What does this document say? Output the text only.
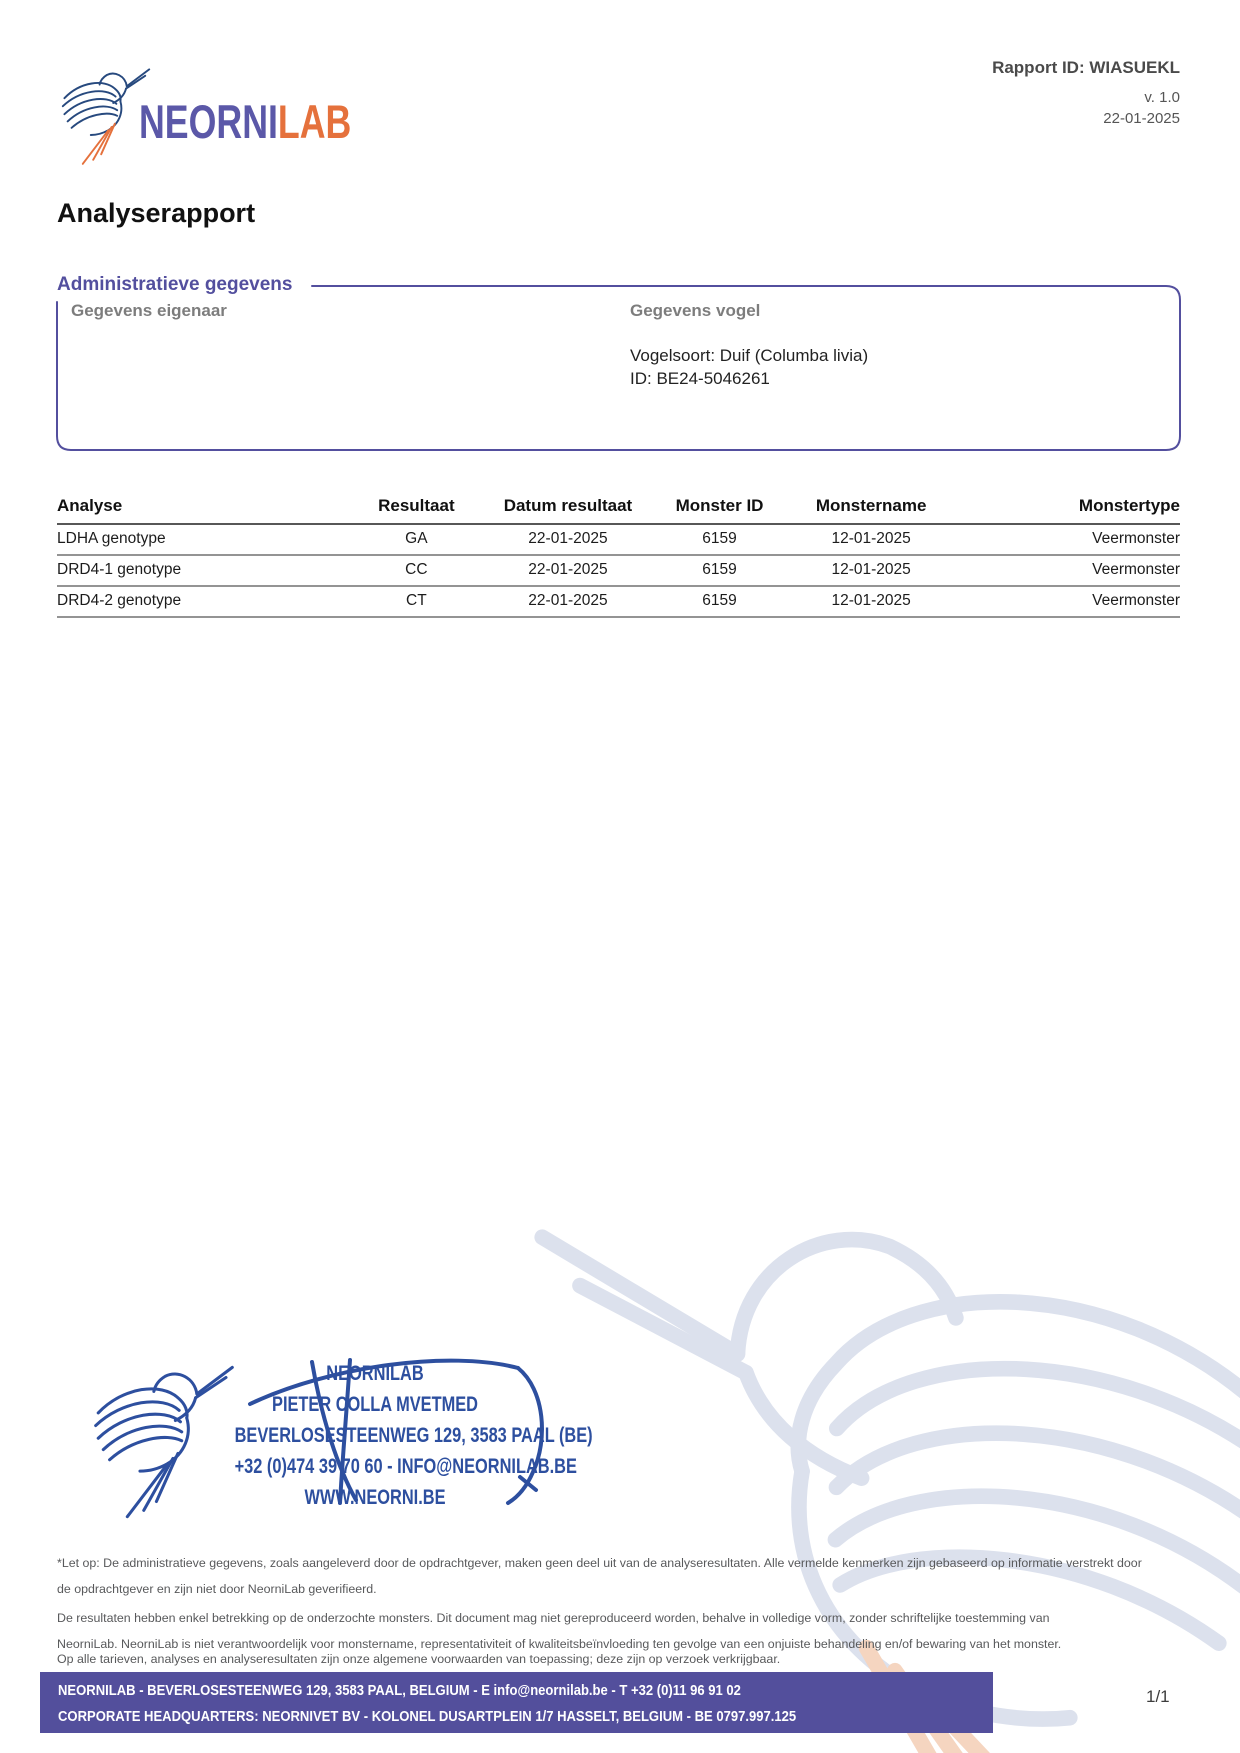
NEORNILAB
Rapport ID: WIASUEKL
v. 1.0
22-01-2025
Analyserapport
Administratieve gegevens
Gegevens eigenaar	Gegevens vogel
Vogelsoort: Duif (Columba livia)
ID: BE24-5046261
Analyse	Resultaat	Datum resultaat	Monster ID	Monstername	Monstertype
LDHA genotype	GA	22-01-2025	6159	12-01-2025	Veermonster
DRD4-1 genotype	CC	22-01-2025	6159	12-01-2025	Veermonster
DRD4-2 genotype	CT	22-01-2025	6159	12-01-2025	Veermonster
NEORNILAB
PIETER COLLA MVETMED
BEVERLOSESTEENWEG 129, 3583 PAAL (BE)
+32 (0)474 39 70 60 - INFO@NEORNILAB.BE
WWW.NEORNI.BE
*Let op: De administratieve gegevens, zoals aangeleverd door de opdrachtgever, maken geen deel uit van de analyseresultaten. Alle vermelde kenmerken zijn gebaseerd op informatie verstrekt door
de opdrachtgever en zijn niet door NeorniLab geverifieerd.
De resultaten hebben enkel betrekking op de onderzochte monsters. Dit document mag niet gereproduceerd worden, behalve in volledige vorm, zonder schriftelijke toestemming van
NeorniLab. NeorniLab is niet verantwoordelijk voor monstername, representativiteit of kwaliteitsbeïnvloeding ten gevolge van een onjuiste behandeling en/of bewaring van het monster.
Op alle tarieven, analyses en analyseresultaten zijn onze algemene voorwaarden van toepassing; deze zijn op verzoek verkrijgbaar.
NEORNILAB - BEVERLOSESTEENWEG 129, 3583 PAAL, BELGIUM - E info@neornilab.be - T +32 (0)11 96 91 02
CORPORATE HEADQUARTERS: NEORNIVET BV - KOLONEL DUSARTPLEIN 1/7 HASSELT, BELGIUM - BE 0797.997.125
1/1
